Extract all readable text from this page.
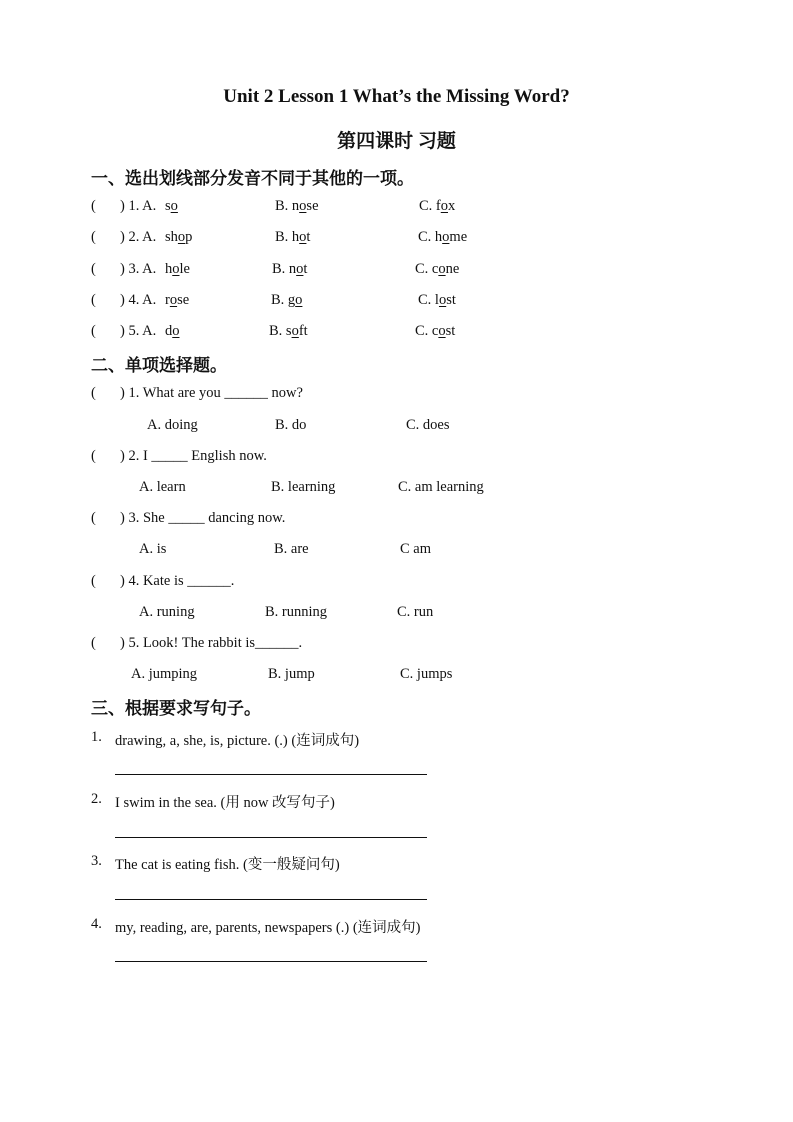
Unit 2 Lesson 1 What’s the Missing Word?
第四课时 习题
一、选出划线部分发音不同于其他的一项。
( ) 1. A. so	B. nose	C. fox
( ) 2. A. shop	B. hot	C. home
( ) 3. A. hole	B. not	C. cone
( ) 4. A. rose	B. go	C. lost
( ) 5. A. do	B. soft	C. cost
二、单项选择题。
( ) 1. What are you ______ now?
A. doing	B. do	C. does
( ) 2. I _____ English now.
A. learn	B. learning	C. am learning
( ) 3. She _____ dancing now.
A. is	B. are	C am
( ) 4. Kate is ______.
A. runing	B. running	C. run
( ) 5. Look! The rabbit is______.
A. jumping	B. jump	C. jumps
三、根据要求写句子。
1. drawing, a, she, is, picture. (.) (连词成句)
2. I swim in the sea. (用 now 改写句子)
3. The cat is eating fish. (变一般疑问句)
4. my, reading, are, parents, newspapers (.) (连词成句)
